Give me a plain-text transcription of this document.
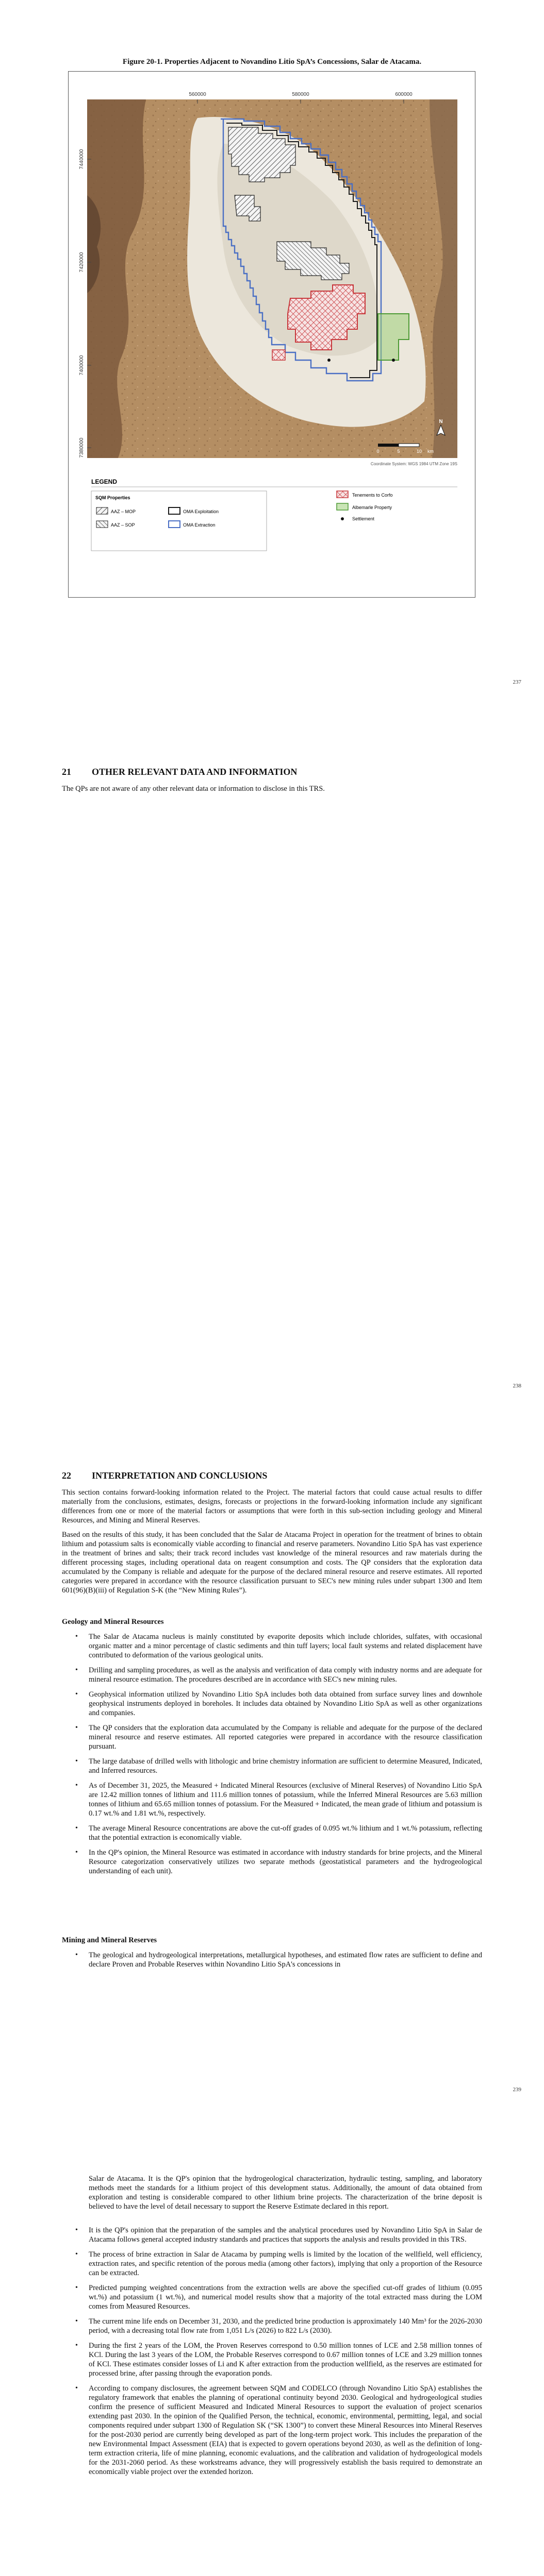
Figure 20-1. Properties Adjacent to Novandino Litio SpA’s Concessions, Salar de Atacama.
560000	580000	600000
7440000
7420000
7400000
7380000
N
0	5	10 km
Coordinate System: WGS 1984 UTM Zone 19S
LEGEND
SQM Properties
AAZ – MOP
AAZ – SOP
OMA Exploitation
OMA Extraction
Tenements to Corfo
Albemarle Property
Settlement
237
21 OTHER RELEVANT DATA AND INFORMATION

The QPs are not aware of any other relevant data or information to disclose in this TRS.

238
22 INTERPRETATION AND CONCLUSIONS

This section contains forward-looking information related to the Project. The material factors that could cause actual results to differ materially from the conclusions, estimates, designs, forecasts or projections in the forward-looking information include any significant differences from one or more of the material factors or assumptions that were forth in this sub-section including geology and Mineral Resources, and Mining and Mineral Reserves.

Based on the results of this study, it has been concluded that the Salar de Atacama Project in operation for the treatment of brines to obtain lithium and potassium salts is economically viable according to financial and reserve parameters. Novandino Litio SpA has vast experience in the treatment of brines and salts; their track record includes vast knowledge of the mineral resources and raw materials during the different processing stages, including operational data on reagent consumption and costs. The QP considers that the exploration data accumulated by the Company is reliable and adequate for the purpose of the declared mineral resource and reserve estimates. All reported categories were prepared in accordance with the resource classification pursuant to SEC's new mining rules under subpart 1300 and Item 601(96)(B)(iii) of Regulation S-K (the “New Mining Rules”).

Geology and Mineral Resources
• The Salar de Atacama nucleus is mainly constituted by evaporite deposits which include chlorides, sulfates, with occasional organic matter and a minor percentage of clastic sediments and thin tuff layers; local fault systems and related displacement have contributed to deformation of the various geological units.
• Drilling and sampling procedures, as well as the analysis and verification of data comply with industry norms and are adequate for mineral resource estimation. The procedures described are in accordance with SEC's new mining rules.
• Geophysical information utilized by Novandino Litio SpA includes both data obtained from surface survey lines and downhole geophysical instruments deployed in boreholes. It includes data obtained by Novandino Litio SpA as well as other organizations and companies.
• The QP considers that the exploration data accumulated by the Company is reliable and adequate for the purpose of the declared mineral resource and reserve estimates. All reported categories were prepared in accordance with the resource classification pursuant.
• The large database of drilled wells with lithologic and brine chemistry information are sufficient to determine Measured, Indicated, and Inferred resources.
• As of December 31, 2025, the Measured + Indicated Mineral Resources (exclusive of Mineral Reserves) of Novandino Litio SpA are 12.42 million tonnes of lithium and 111.6 million tonnes of potassium, while the Inferred Mineral Resources are 5.63 million tonnes of lithium and 65.65 million tonnes of potassium. For the Measured + Indicated, the mean grade of lithium and potassium is 0.17 wt.% and 1.81 wt.%, respectively.
• The average Mineral Resource concentrations are above the cut-off grades of 0.095 wt.% lithium and 1 wt.% potassium, reflecting that the potential extraction is economically viable.
• In the QP's opinion, the Mineral Resource was estimated in accordance with industry standards for brine projects, and the Mineral Resource categorization conservatively utilizes two separate methods (geostatistical parameters and the hydrogeological understanding of each unit).
Mining and Mineral Reserves
• The geological and hydrogeological interpretations, metallurgical hypotheses, and estimated flow rates are sufficient to define and declare Proven and Probable Reserves within Novandino Litio SpA's concessions in
239

Salar de Atacama. It is the QP's opinion that the hydrogeological characterization, hydraulic testing, sampling, and laboratory methods meet the standards for a lithium project of this development status. Additionally, the amount of data obtained from exploration and testing is considerable compared to other lithium brine projects. The characterization of the brine deposit is believed to have the level of detail necessary to support the Reserve Estimate declared in this report.

• It is the QP's opinion that the preparation of the samples and the analytical procedures used by Novandino Litio SpA in Salar de Atacama follows general accepted industry standards and practices that supports the analysis and results provided in this TRS.
• The process of brine extraction in Salar de Atacama by pumping wells is limited by the location of the wellfield, well efficiency, extraction rates, and specific retention of the porous media (among other factors), implying that only a proportion of the Resource can be extracted.
• Predicted pumping weighted concentrations from the extraction wells are above the specified cut-off grades of lithium (0.095 wt.%) and potassium (1 wt.%), and numerical model results show that a majority of the total extracted mass during the LOM comes from Measured Resources.
• The current mine life ends on December 31, 2030, and the predicted brine production is approximately 140 Mm³ for the 2026-2030 period, with a decreasing total flow rate from 1,051 L/s (2026) to 822 L/s (2030).
• During the first 2 years of the LOM, the Proven Reserves correspond to 0.50 million tonnes of LCE and 2.58 million tonnes of KCl. During the last 3 years of the LOM, the Probable Reserves correspond to 0.67 million tonnes of LCE and 3.29 million tonnes of KCl. These estimates consider losses of Li and K after extraction from the production wellfield, as the reserves are estimated for processed brine, after passing through the evaporation ponds.
• According to company disclosures, the agreement between SQM and CODELCO (through Novandino Litio SpA) establishes the regulatory framework that enables the planning of operational continuity beyond 2030. Geological and hydrogeological studies confirm the presence of sufficient Measured and Indicated Mineral Resources to support the evaluation of project scenarios extending past 2030. In the opinion of the Qualified Person, the technical, economic, environmental, permitting, legal, and social components required under subpart 1300 of Regulation SK (“SK 1300”) to convert these Mineral Resources into Mineral Reserves for the post-2030 period are currently being developed as part of the long-term project work. This includes the preparation of the new Environmental Impact Assessment (EIA) that is expected to govern operations beyond 2030, as well as the definition of long-term extraction criteria, life of mine planning, economic evaluations, and the calibration and validation of hydrogeological models for the 2031-2060 period. As these workstreams advance, they will progressively establish the basis required to demonstrate an economically viable project over the extended horizon.
